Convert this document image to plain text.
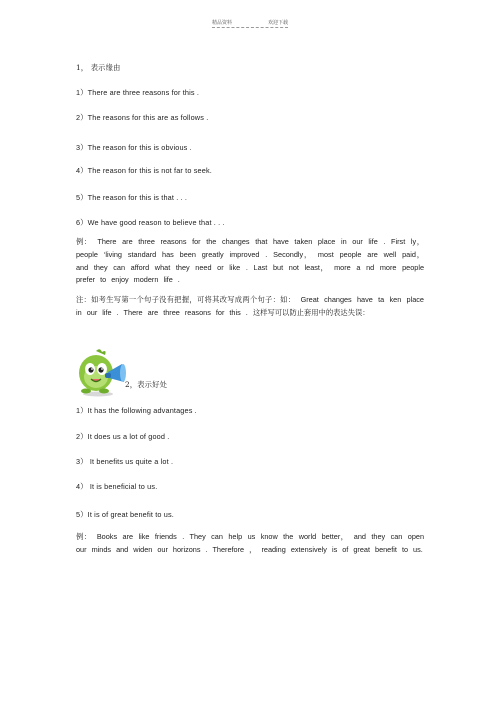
精品资料	欢迎下载
1， 表示缘由
1）There are three reasons for this .
2）The reasons for this are as follows .
3）The reason for this is obvious .
4）The reason for this is not far to seek.
5）The reason for this is that . . .
6）We have good reason to believe that . . .
例： There are three reasons for the changes that have taken place in our life . First ly， people ‘living standard has been greatly improved . Secondly， most people are well paid， and they can afford what they need or like . Last but not least， more a nd more people prefer to enjoy modern life .
注：如考生写第一个句子没有把握，可将其改写成两个句子：如： Great changes have ta ken place in our life . There are three reasons for this . 这样写可以防止套用中的表达失误：
2，表示好处
1）It has the following advantages .
2）It does us a lot of good .
3） It benefits us quite a lot .
4） It is beneficial to us.
5）It is of great benefit to us.
例： Books are like friends . They can help us know the world better， and they can open our minds and widen our horizons . Therefore ， reading extensively is of great benefit to us.
